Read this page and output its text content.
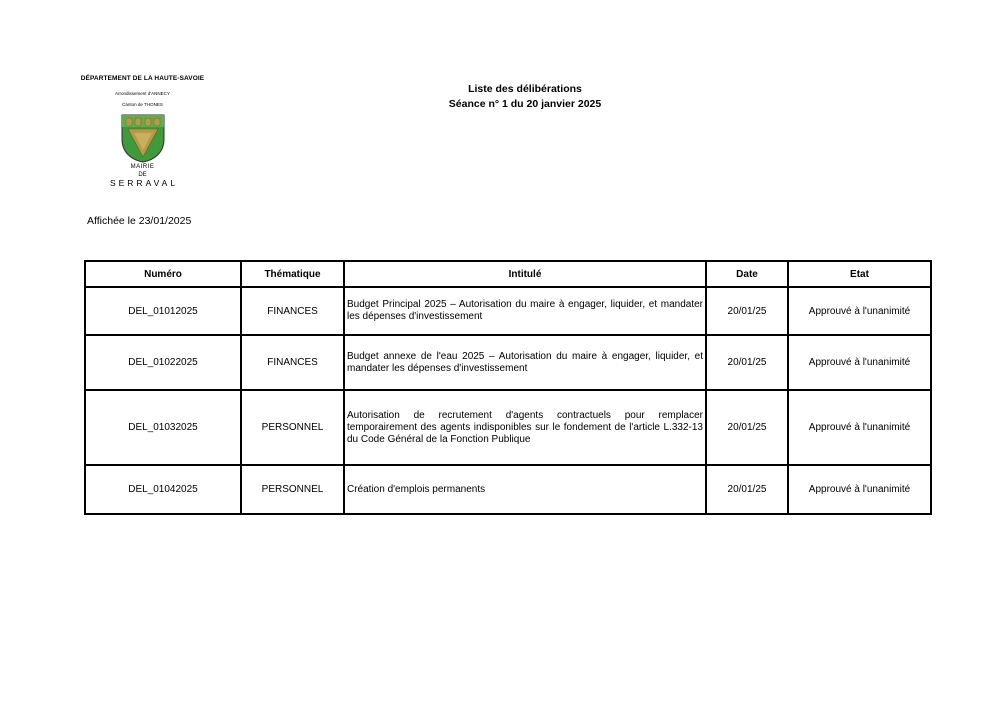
DÉPARTEMENT DE LA HAUTE-SAVOIE
Arrondissement d'ANNECY
Canton de THONES
MAIRIE
DE
SERRAVAL
Liste des délibérations
Séance n° 1 du 20 janvier 2025
Affichée le 23/01/2025
Numéro	Thématique	Intitulé	Date	Etat
DEL_01012025	FINANCES	Budget Principal 2025 – Autorisation du maire à engager, liquider, et mandater les dépenses d'investissement	20/01/25	Approuvé à l'unanimité
DEL_01022025	FINANCES	Budget annexe de l'eau 2025 – Autorisation du maire à engager, liquider, et mandater les dépenses d'investissement	20/01/25	Approuvé à l'unanimité
DEL_01032025	PERSONNEL	Autorisation de recrutement d'agents contractuels pour remplacer temporairement des agents indisponibles sur le fondement de l'article L.332-13 du Code Général de la Fonction Publique	20/01/25	Approuvé à l'unanimité
DEL_01042025	PERSONNEL	Création d'emplois permanents	20/01/25	Approuvé à l'unanimité
